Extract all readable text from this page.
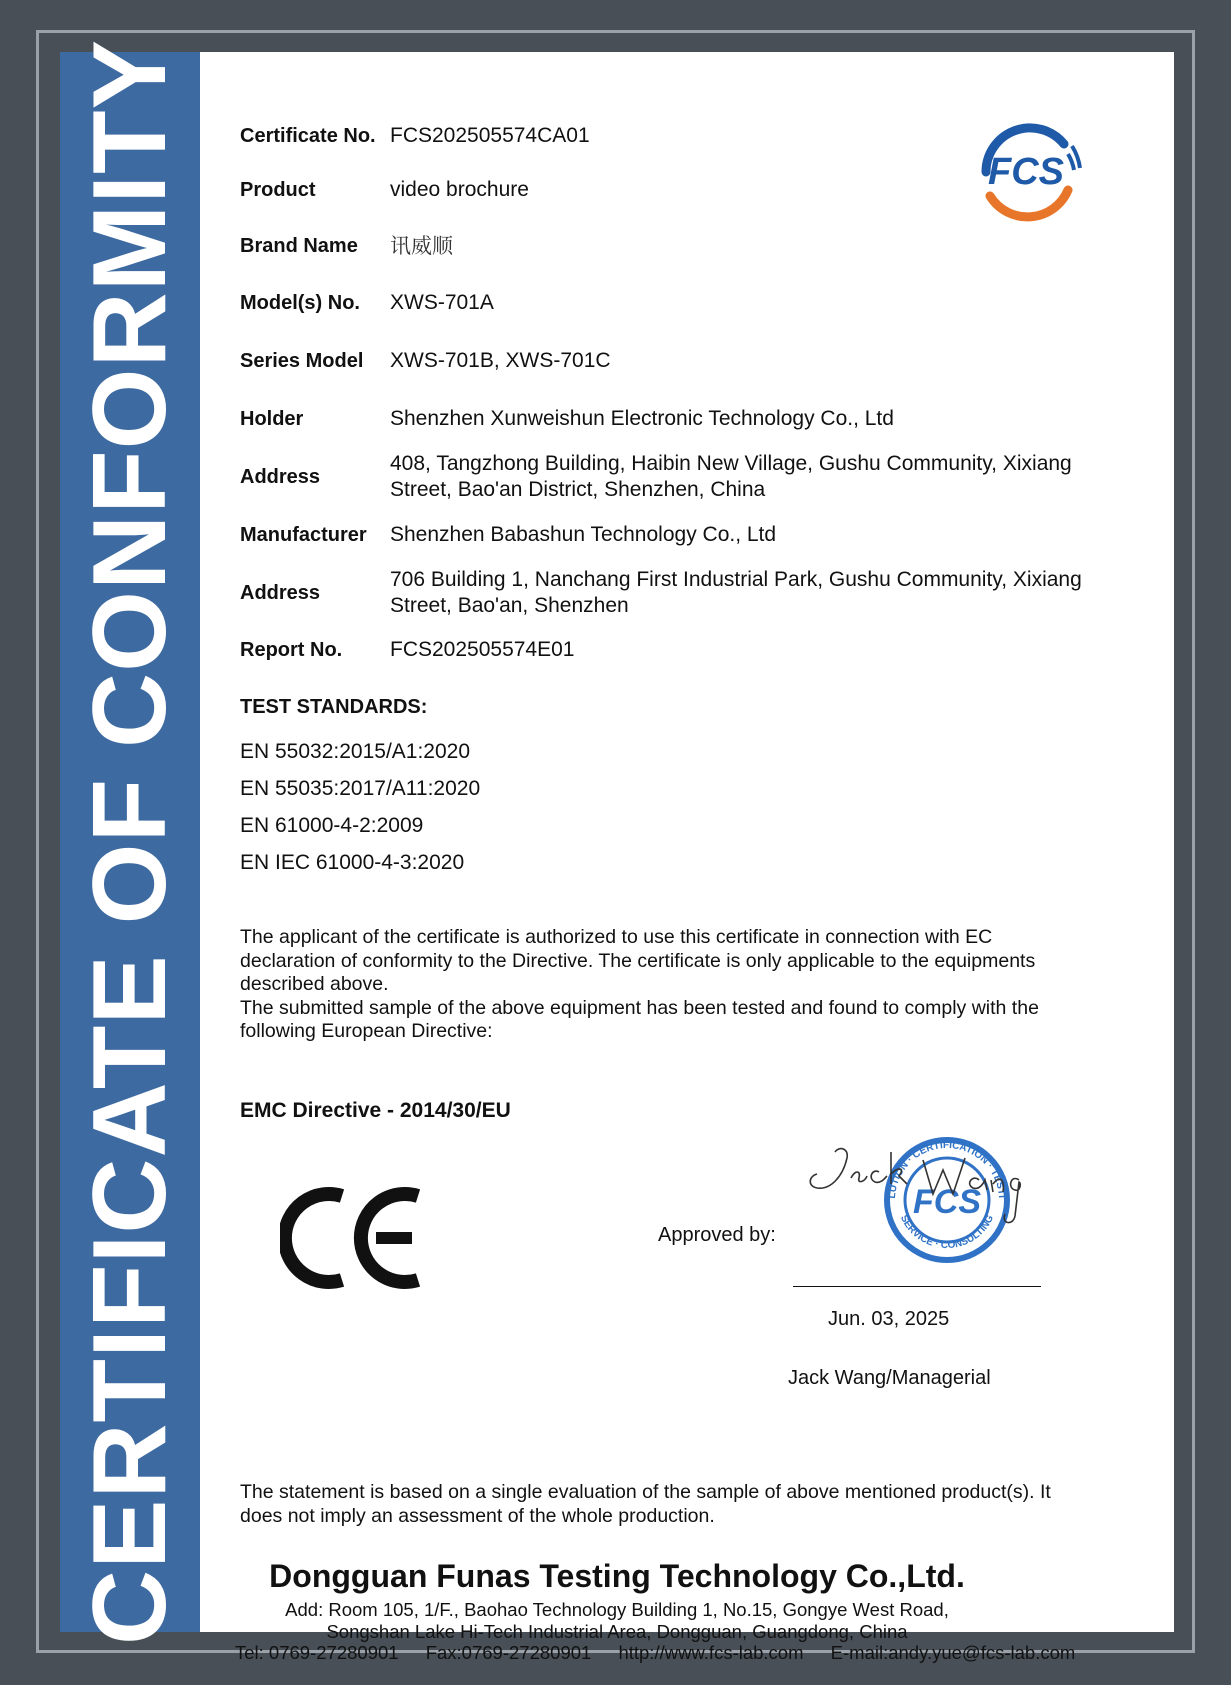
CERTIFICATE OF CONFORMITY	Certificate No. FCS202505574CA01
Product	video brochure
Brand Name	讯威顺
Model(s) No.	XWS-701A
Series Model	XWS-701B, XWS-701C
Holder	Shenzhen Xunweishun Electronic Technology Co., Ltd
Address
408, Tangzhong Building, Haibin New Village, Gushu Community, Xixiang
Street, Bao'an District, Shenzhen, China
Manufacturer	Shenzhen Babashun Technology Co., Ltd
Address
706 Building 1, Nanchang First Industrial Park, Gushu Community, Xixiang
Street, Bao'an, Shenzhen
Report No.	FCS202505574E01
FCS
TEST STANDARDS:
EN 55032:2015/A1:2020
EN 55035:2017/A11:2020
EN 61000-4-2:2009
EN IEC 61000-4-3:2020
The applicant of the certificate is authorized to use this certificate in connection with EC
declaration of conformity to the Directive. The certificate is only applicable to the equipments
described above.
The submitted sample of the above equipment has been tested and found to comply with the
following European Directive:
EMC Directive - 2014/30/EU
Approved by:
LUTION · CERTIFICATION · TESTI
SERVICE · CONSULTING
FCS
Jun. 03, 2025
Jack Wang/Managerial
The statement is based on a single evaluation of the sample of above mentioned product(s). It
does not imply an assessment of the whole production.
Dongguan Funas Testing Technology Co.,Ltd.
Add: Room 105, 1/F., Baohao Technology Building 1, No.15, Gongye West Road,
Songshan Lake Hi-Tech Industrial Area, Dongguan, Guangdong, China
Tel: 0769-27280901 Fax:0769-27280901 http://www.fcs-lab.com E-mail:andy.yue@fcs-lab.com
